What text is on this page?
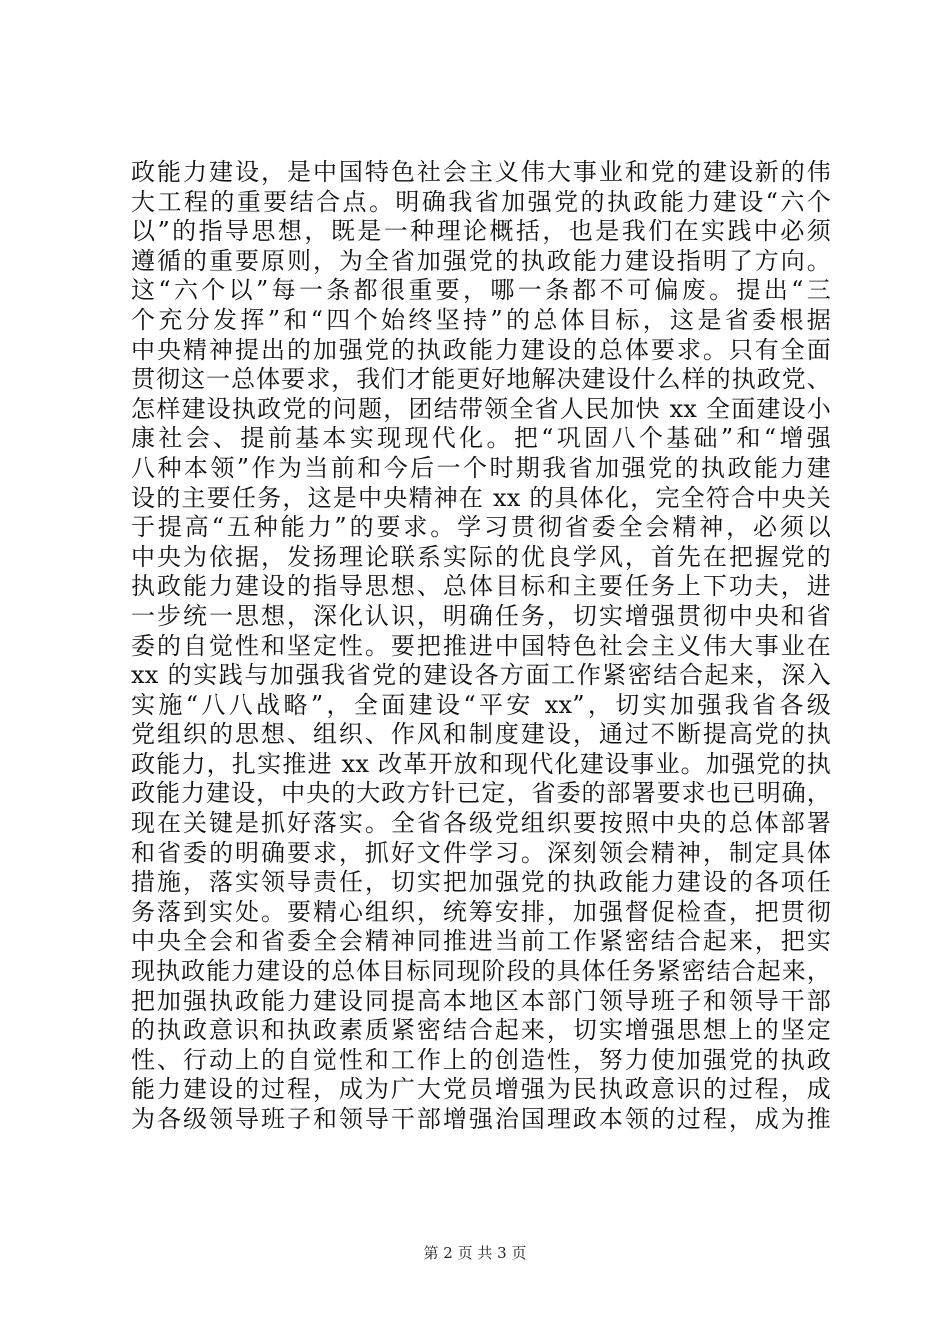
政能力建设，是中国特色社会主义伟大事业和党的建设新的伟
大工程的重要结合点。明确我省加强党的执政能力建设“六个
以”的指导思想，既是一种理论概括，也是我们在实践中必须
遵循的重要原则，为全省加强党的执政能力建设指明了方向。
这“六个以”每一条都很重要，哪一条都不可偏废。提出“三
个充分发挥”和“四个始终坚持”的总体目标，这是省委根据
中央精神提出的加强党的执政能力建设的总体要求。只有全面
贯彻这一总体要求，我们才能更好地解决建设什么样的执政党、
怎样建设执政党的问题，团结带领全省人民加快 xx 全面建设小
康社会、提前基本实现现代化。把“巩固八个基础”和“增强
八种本领”作为当前和今后一个时期我省加强党的执政能力建
设的主要任务，这是中央精神在 xx 的具体化，完全符合中央关
于提高“五种能力”的要求。学习贯彻省委全会精神，必须以
中央为依据，发扬理论联系实际的优良学风，首先在把握党的
执政能力建设的指导思想、总体目标和主要任务上下功夫，进
一步统一思想，深化认识，明确任务，切实增强贯彻中央和省
委的自觉性和坚定性。要把推进中国特色社会主义伟大事业在
xx 的实践与加强我省党的建设各方面工作紧密结合起来，深入
实施“八八战略”，全面建设“平安 xx”，切实加强我省各级
党组织的思想、组织、作风和制度建设，通过不断提高党的执
政能力，扎实推进 xx 改革开放和现代化建设事业。加强党的执
政能力建设，中央的大政方针已定，省委的部署要求也已明确，
现在关键是抓好落实。全省各级党组织要按照中央的总体部署
和省委的明确要求，抓好文件学习。深刻领会精神，制定具体
措施，落实领导责任，切实把加强党的执政能力建设的各项任
务落到实处。要精心组织，统筹安排，加强督促检查，把贯彻
中央全会和省委全会精神同推进当前工作紧密结合起来，把实
现执政能力建设的总体目标同现阶段的具体任务紧密结合起来，
把加强执政能力建设同提高本地区本部门领导班子和领导干部
的执政意识和执政素质紧密结合起来，切实增强思想上的坚定
性、行动上的自觉性和工作上的创造性，努力使加强党的执政
能力建设的过程，成为广大党员增强为民执政意识的过程，成
为各级领导班子和领导干部增强治国理政本领的过程，成为推
第 2 页 共 3 页
